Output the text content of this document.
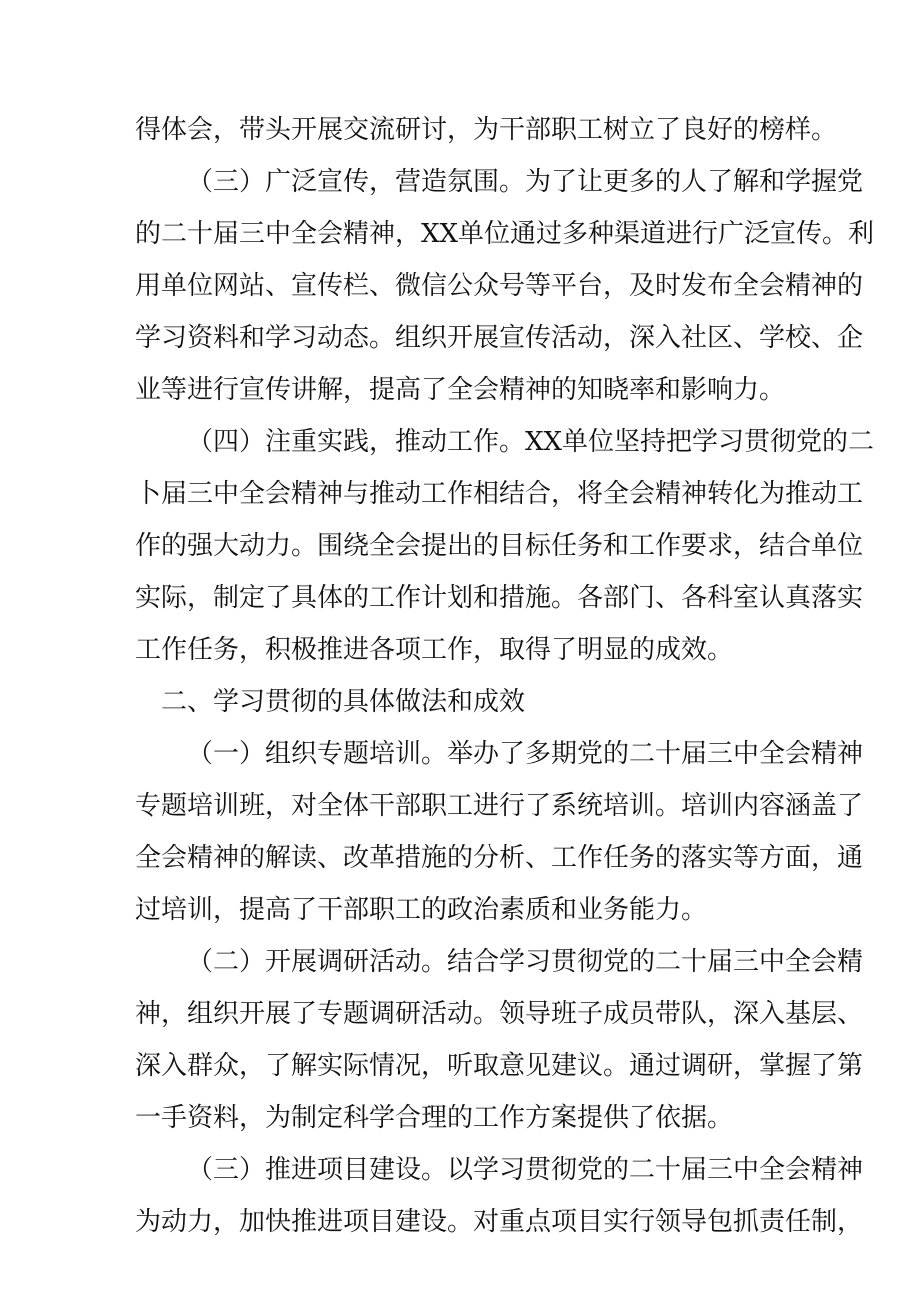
得体会，带头开展交流研讨，为干部职工树立了良好的榜样。
（三）广泛宣传，营造氛围。为了让更多的人了解和学握党
的二十届三中全会精神，XX单位通过多种渠道进行广泛宣传。利
用单位网站、宣传栏、微信公众号等平台，及时发布全会精神的
学习资料和学习动态。组织开展宣传活动，深入社区、学校、企
业等进行宣传讲解，提高了全会精神的知晓率和影响力。
（四）注重实践，推动工作。XX单位坚持把学习贯彻党的二
卜届三中全会精神与推动工作相结合，将全会精神转化为推动工
作的强大动力。围绕全会提出的目标任务和工作要求，结合单位
实际，制定了具体的工作计划和措施。各部门、各科室认真落实
工作任务，积极推进各项工作，取得了明显的成效。
二、学习贯彻的具体做法和成效
（一）组织专题培训。举办了多期党的二十届三中全会精神
专题培训班，对全体干部职工进行了系统培训。培训内容涵盖了
全会精神的解读、改革措施的分析、工作任务的落实等方面，通
过培训，提高了干部职工的政治素质和业务能力。
（二）开展调研活动。结合学习贯彻党的二十届三中全会精
神，组织开展了专题调研活动。领导班子成员带队，深入基层、
深入群众，了解实际情况，听取意见建议。通过调研，掌握了第
一手资料，为制定科学合理的工作方案提供了依据。
（三）推进项目建设。以学习贯彻党的二十届三中全会精神
为动力，加快推进项目建设。对重点项目实行领导包抓责任制，
